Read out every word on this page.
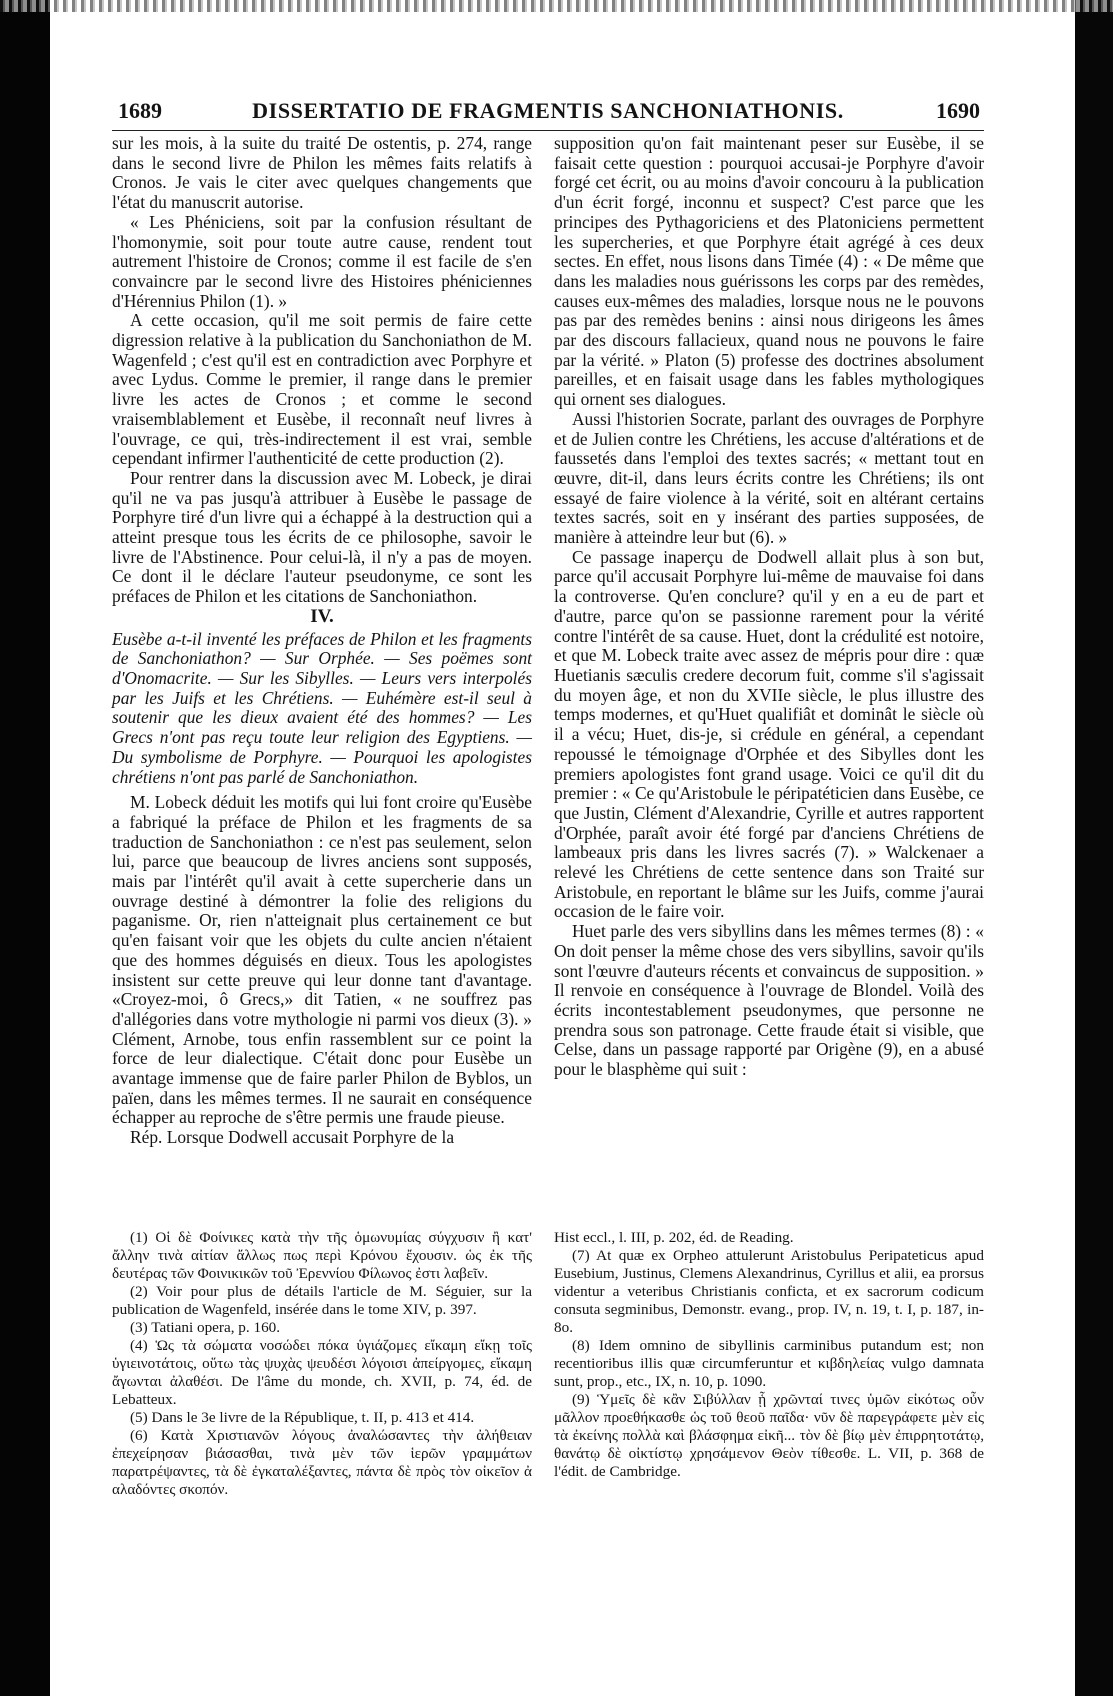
1689	DISSERTATIO DE FRAGMENTIS SANCHONIATHONIS.	1690

sur les mois, à la suite du traité De ostentis, p. 274, range dans le second livre de Philon les mêmes faits relatifs à Cronos. Je vais le citer avec quelques changements que l'état du manuscrit autorise.

« Les Phéniciens, soit par la confusion résultant de l'homonymie, soit pour toute autre cause, rendent tout autrement l'histoire de Cronos; comme il est facile de s'en convaincre par le second livre des Histoires phéniciennes d'Hérennius Philon (1). »

A cette occasion, qu'il me soit permis de faire cette digression relative à la publication du Sanchoniathon de M. Wagenfeld ; c'est qu'il est en contradiction avec Porphyre et avec Lydus. Comme le premier, il range dans le premier livre les actes de Cronos ; et comme le second vraisemblablement et Eusèbe, il reconnaît neuf livres à l'ouvrage, ce qui, très-indirectement il est vrai, semble cependant infirmer l'authenticité de cette production (2).

Pour rentrer dans la discussion avec M. Lobeck, je dirai qu'il ne va pas jusqu'à attribuer à Eusèbe le passage de Porphyre tiré d'un livre qui a échappé à la destruction qui a atteint presque tous les écrits de ce philosophe, savoir le livre de l'Abstinence. Pour celui-là, il n'y a pas de moyen. Ce dont il le déclare l'auteur pseudonyme, ce sont les préfaces de Philon et les citations de Sanchoniathon.

IV.

Eusèbe a-t-il inventé les préfaces de Philon et les fragments de Sanchoniathon? — Sur Orphée. — Ses poëmes sont d'Onomacrite. — Sur les Sibylles. — Leurs vers interpolés par les Juifs et les Chrétiens. — Euhémère est-il seul à soutenir que les dieux avaient été des hommes? — Les Grecs n'ont pas reçu toute leur religion des Egyptiens. — Du symbolisme de Porphyre. — Pourquoi les apologistes chrétiens n'ont pas parlé de Sanchoniathon.

M. Lobeck déduit les motifs qui lui font croire qu'Eusèbe a fabriqué la préface de Philon et les fragments de sa traduction de Sanchoniathon : ce n'est pas seulement, selon lui, parce que beaucoup de livres anciens sont supposés, mais par l'intérêt qu'il avait à cette supercherie dans un ouvrage destiné à démontrer la folie des religions du paganisme. Or, rien n'atteignait plus certainement ce but qu'en faisant voir que les objets du culte ancien n'étaient que des hommes déguisés en dieux. Tous les apologistes insistent sur cette preuve qui leur donne tant d'avantage. «Croyez-moi, ô Grecs,» dit Tatien, « ne souffrez pas d'allégories dans votre mythologie ni parmi vos dieux (3). » Clément, Arnobe, tous enfin rassemblent sur ce point la force de leur dialectique. C'était donc pour Eusèbe un avantage immense que de faire parler Philon de Byblos, un païen, dans les mêmes termes. Il ne saurait en conséquence échapper au reproche de s'être permis une fraude pieuse.

Rép. Lorsque Dodwell accusait Porphyre de la

supposition qu'on fait maintenant peser sur Eusèbe, il se faisait cette question : pourquoi accusai-je Porphyre d'avoir forgé cet écrit, ou au moins d'avoir concouru à la publication d'un écrit forgé, inconnu et suspect? C'est parce que les principes des Pythagoriciens et des Platoniciens permettent les supercheries, et que Porphyre était agrégé à ces deux sectes. En effet, nous lisons dans Timée (4) : « De même que dans les maladies nous guérissons les corps par des remèdes, causes eux-mêmes des maladies, lorsque nous ne le pouvons pas par des remèdes benins : ainsi nous dirigeons les âmes par des discours fallacieux, quand nous ne pouvons le faire par la vérité. » Platon (5) professe des doctrines absolument pareilles, et en faisait usage dans les fables mythologiques qui ornent ses dialogues.

Aussi l'historien Socrate, parlant des ouvrages de Porphyre et de Julien contre les Chrétiens, les accuse d'altérations et de faussetés dans l'emploi des textes sacrés; « mettant tout en œuvre, dit-il, dans leurs écrits contre les Chrétiens; ils ont essayé de faire violence à la vérité, soit en altérant certains textes sacrés, soit en y insérant des parties supposées, de manière à atteindre leur but (6). »

Ce passage inaperçu de Dodwell allait plus à son but, parce qu'il accusait Porphyre lui-même de mauvaise foi dans la controverse. Qu'en conclure? qu'il y en a eu de part et d'autre, parce qu'on se passionne rarement pour la vérité contre l'intérêt de sa cause. Huet, dont la crédulité est notoire, et que M. Lobeck traite avec assez de mépris pour dire : quæ Huetianis sæculis credere decorum fuit, comme s'il s'agissait du moyen âge, et non du XVIIe siècle, le plus illustre des temps modernes, et qu'Huet qualifiât et dominât le siècle où il a vécu; Huet, dis-je, si crédule en général, a cependant repoussé le témoignage d'Orphée et des Sibylles dont les premiers apologistes font grand usage. Voici ce qu'il dit du premier : « Ce qu'Aristobule le péripatéticien dans Eusèbe, ce que Justin, Clément d'Alexandrie, Cyrille et autres rapportent d'Orphée, paraît avoir été forgé par d'anciens Chrétiens de lambeaux pris dans les livres sacrés (7). » Walckenaer a relevé les Chrétiens de cette sentence dans son Traité sur Aristobule, en reportant le blâme sur les Juifs, comme j'aurai occasion de le faire voir.

Huet parle des vers sibyllins dans les mêmes termes (8) : « On doit penser la même chose des vers sibyllins, savoir qu'ils sont l'œuvre d'auteurs récents et convaincus de supposition. » Il renvoie en conséquence à l'ouvrage de Blondel. Voilà des écrits incontestablement pseudonymes, que personne ne prendra sous son patronage. Cette fraude était si visible, que Celse, dans un passage rapporté par Origène (9), en a abusé pour le blasphème qui suit :

(1) Οἱ δὲ Φοίνικες κατὰ τὴν τῆς ὁμωνυμίας σύγχυσιν ἢ κατ' ἄλλην τινὰ αἰτίαν ἄλλως πως περὶ Κρόνου ἔχουσιν. ὡς ἐκ τῆς δευτέρας τῶν Φοινικικῶν τοῦ Ἐρεννίου Φίλωνος ἐστι λαβεῖν.

(2) Voir pour plus de détails l'article de M. Séguier, sur la publication de Wagenfeld, insérée dans le tome XIV, p. 397.

(3) Tatiani opera, p. 160.

(4) Ὡς τὰ σώματα νοσώδει πόκα ὑγιάζομες εἴκαμη εἴκῃ τοῖς ὑγιεινοτάτοις, οὕτω τὰς ψυχὰς ψευδέσι λόγοισι ἀπείργομες, εἴκαμη ἄγωνται ἀλαθέσι. De l'âme du monde, ch. XVII, p. 74, éd. de Lebatteux.

(5) Dans le 3e livre de la République, t. II, p. 413 et 414.

(6) Κατὰ Χριστιανῶν λόγους ἀναλώσαντες τὴν ἀλήθειαν ἐπεχείρησαν βιάσασθαι, τινὰ μὲν τῶν ἱερῶν γραμμάτων παρατρέψαντες, τὰ δὲ ἐγκαταλέξαντες, πάντα δὲ πρὸς τὸν οἰκεῖον ἀ αλαδόντες σκοπόν.

Hist eccl., l. III, p. 202, éd. de Reading.

(7) At quæ ex Orpheo attulerunt Aristobulus Peripateticus apud Eusebium, Justinus, Clemens Alexandrinus, Cyrillus et alii, ea prorsus videntur a veteribus Christianis conficta, et ex sacrorum codicum consuta segminibus, Demonstr. evang., prop. IV, n. 19, t. I, p. 187, in-8o.

(8) Idem omnino de sibyllinis carminibus putandum est; non recentioribus illis quæ circumferuntur et κιβδηλείας vulgo damnata sunt, prop., etc., IX, n. 10, p. 1090.

(9) Ὑμεῖς δὲ κἂν Σιβύλλαν ᾗ χρῶνταί τινες ὑμῶν εἰκότως οὖν μᾶλλον προεθήκασθε ὡς τοῦ θεοῦ παῖδα· νῦν δὲ παρεγράφετε μὲν εἰς τὰ ἐκείνης πολλὰ καὶ βλάσφημα εἰκῆ... τὸν δὲ βίῳ μὲν ἐπιρρητοτάτῳ, θανάτῳ δὲ οἰκτίστῳ χρησάμενον Θεὸν τίθεσθε. L. VII, p. 368 de l'édit. de Cambridge.
